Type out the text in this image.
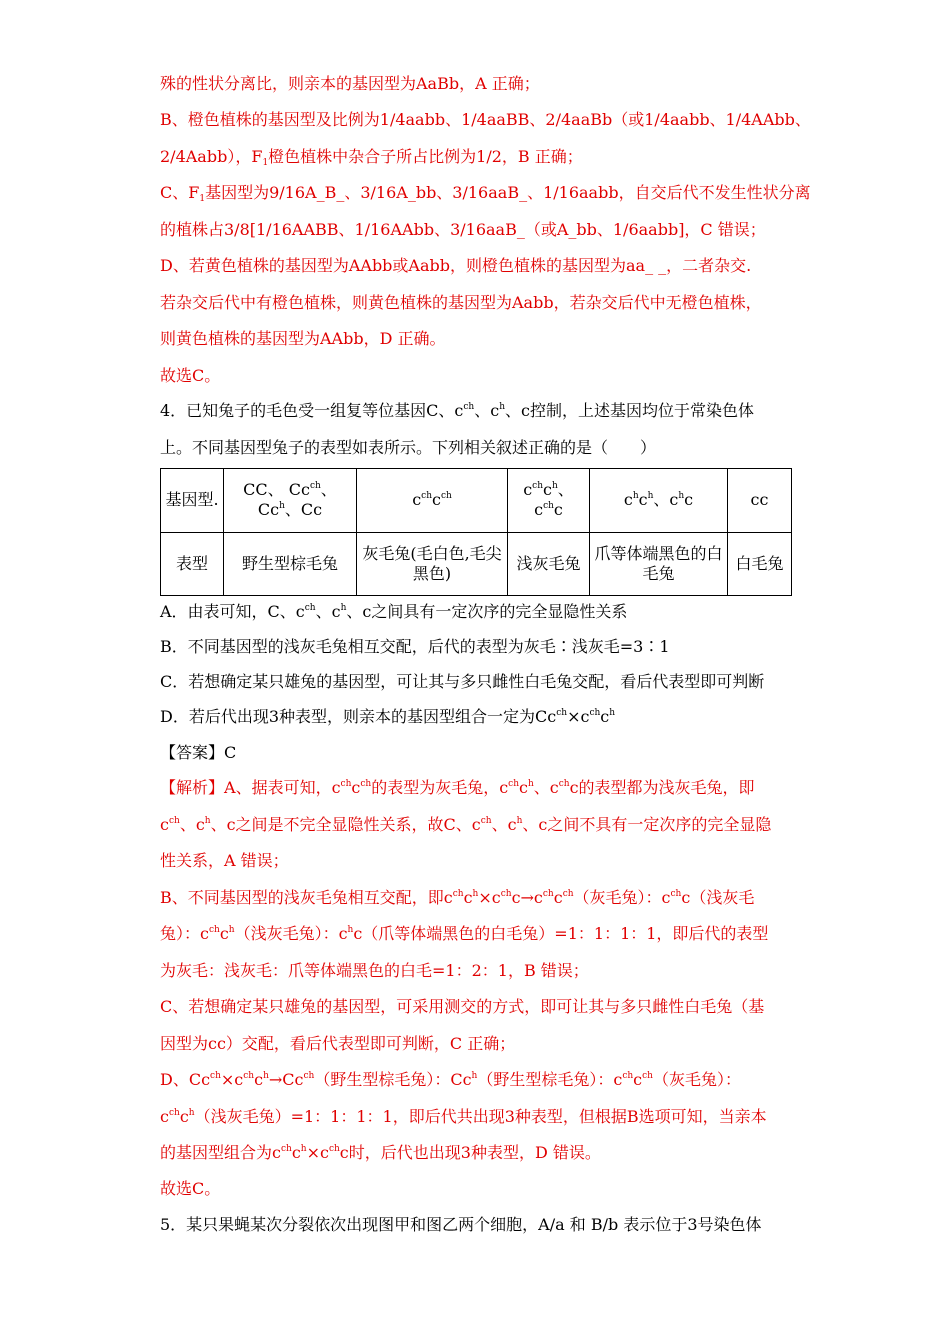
殊的性状分离比，则亲本的基因型为AaBb，A 正确；
B、橙色植株的基因型及比例为1/4aabb、1/4aaBB、2/4aaBb（或1/4aabb、1/4AAbb、
2/4Aabb），$F_1$橙色植株中杂合子所占比例为1/2，B 正确；
C、$F_1$基因型为9/16A_B_、3/16A_bb、3/16aaB_、1/16aabb，自交后代不发生性状分离
的植株占3/8[1/16AABB、1/16AAbb、3/16aaB_（或A_bb、1/6aabb]，C 错误；
D、若黄色植株的基因型为AAbb或Aabb，则橙色植株的基因型为aa_ _，二者杂交.
若杂交后代中有橙色植株，则黄色植株的基因型为Aabb，若杂交后代中无橙色植株，
则黄色植株的基因型为AAbb，D 正确。
故选C。
4．已知兔子的毛色受一组复等位基因C、$c^{ch}$、$c^h$、c控制，上述基因均位于常染色体
上。不同基因型兔子的表型如表所示。下列相关叙述正确的是（　　）
基因型.	CC、 $Cc^{ch}$、
Cc$^h$、Cc	$c^{ch}c^{ch}$	$c^{ch}c^h$、
$c^{ch}c$	$c^hc^h$、$c^hc$	cc
表型	野生型棕毛兔	灰毛兔(毛白色,毛尖黑色)	浅灰毛兔	爪等体端黑色的白毛兔	白毛兔
A．由表可知，C、$c^{ch}$、$c^h$、c之间具有一定次序的完全显隐性关系
B．不同基因型的浅灰毛兔相互交配，后代的表型为灰毛∶浅灰毛=3∶1
C．若想确定某只雄兔的基因型，可让其与多只雌性白毛兔交配，看后代表型即可判断
D．若后代出现3种表型，则亲本的基因型组合一定为$Cc^{ch}\times c^{ch}c^h$
【答案】C
【解析】A、据表可知，$c^{ch}c^{ch}$的表型为灰毛兔，$c^{ch}c^h$、$c^{ch}c$的表型都为浅灰毛兔，即
$c^{ch}$、$c^h$、c之间是不完全显隐性关系，故C、$c^{ch}$、$c^h$、c之间不具有一定次序的完全显隐
性关系，A 错误；
B、不同基因型的浅灰毛兔相互交配，即$c^{ch}c^h\times c^{ch}c\to c^{ch}c^{ch}$（灰毛兔）：$c^{ch}c$（浅灰毛
兔）：$c^{ch}c^h$（浅灰毛兔）：$c^hc$（爪等体端黑色的白毛兔）=1：1：1：1，即后代的表型
为灰毛：浅灰毛：爪等体端黑色的白毛=1：2：1，B 错误；
C、若想确定某只雄兔的基因型，可采用测交的方式，即可让其与多只雌性白毛兔（基
因型为cc）交配，看后代表型即可判断，C 正确；
D、$Cc^{ch}\times c^{ch}c^h\to Cc^{ch}$（野生型棕毛兔）：Cc$^h$（野生型棕毛兔）：$c^{ch}c^{ch}$（灰毛兔）：
$c^{ch}c^h$（浅灰毛兔）=1：1：1：1，即后代共出现3种表型，但根据B选项可知，当亲本
的基因型组合为$c^{ch}c^h\times c^{ch}c$时，后代也出现3种表型，D 错误。
故选C。
5．某只果蝇某次分裂依次出现图甲和图乙两个细胞，A/a 和 B/b 表示位于3号染色体
